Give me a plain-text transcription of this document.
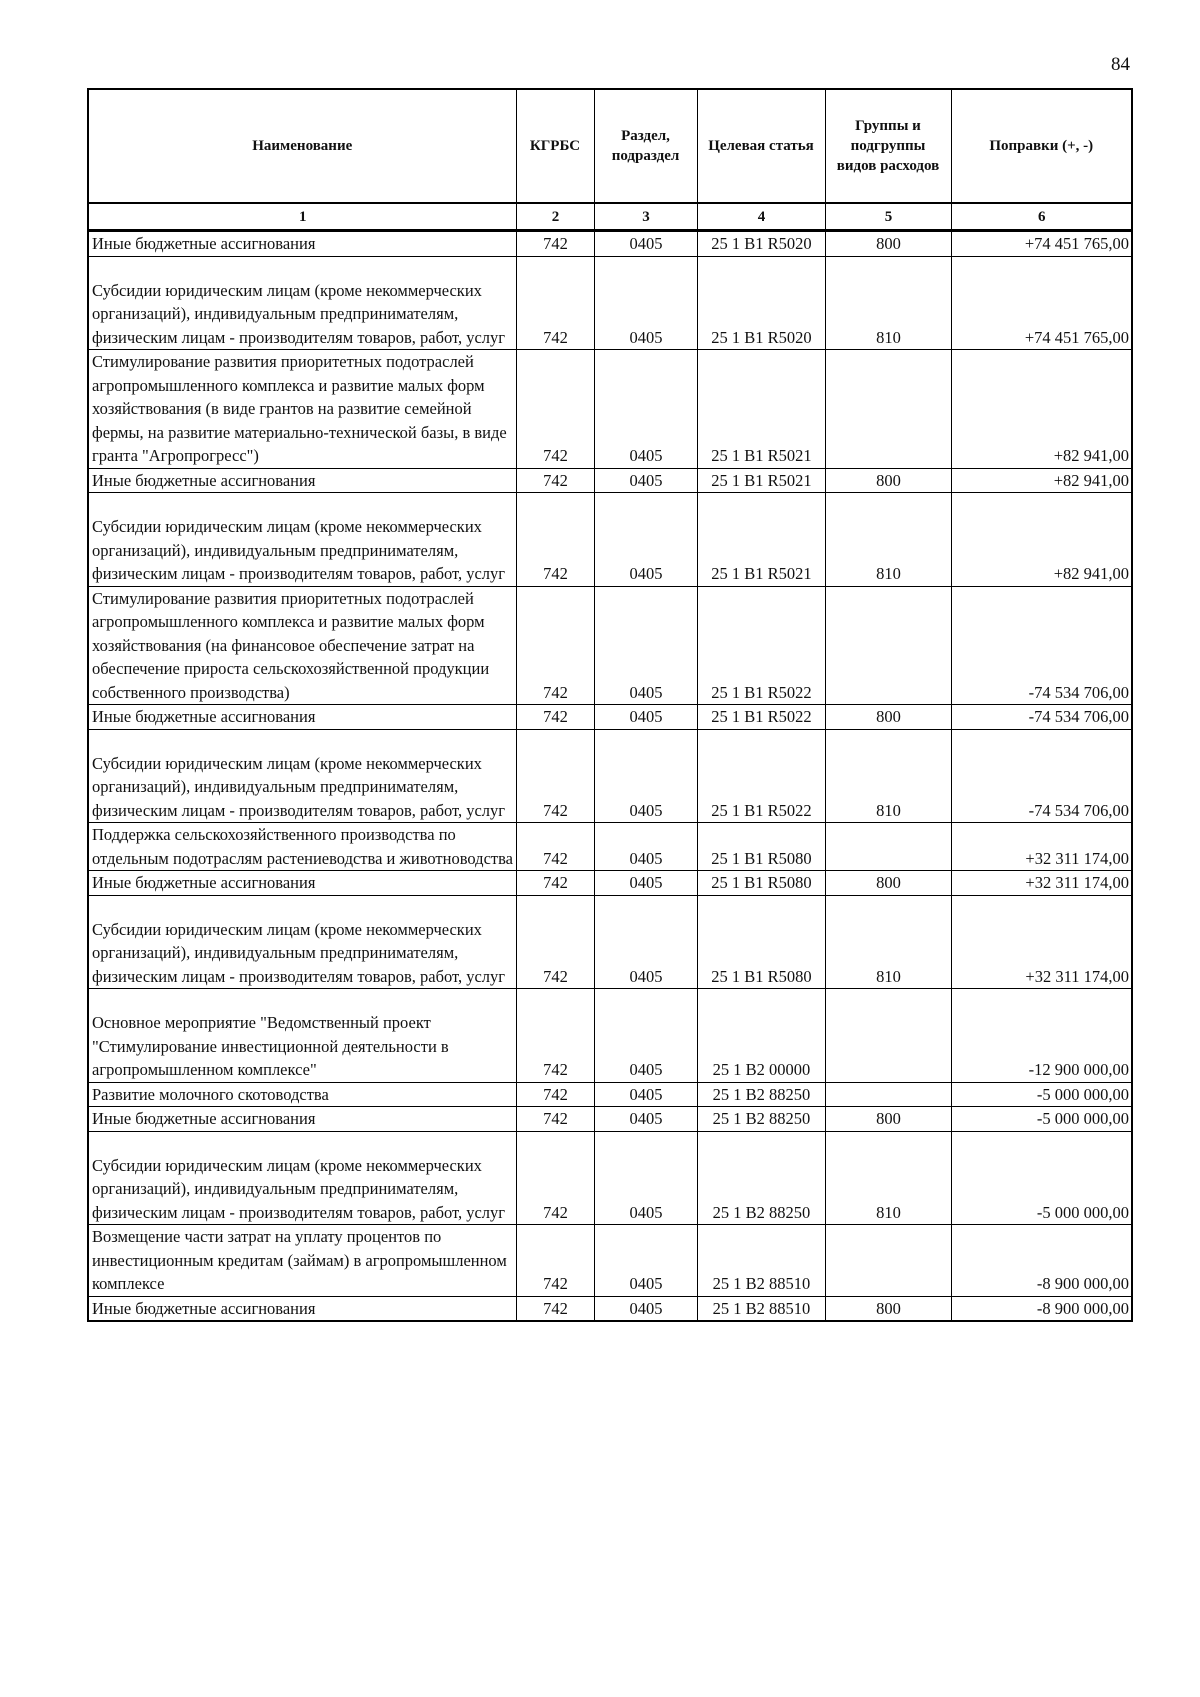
84
Наименование	КГРБС	Раздел, подраздел	Целевая статья	Группы и подгруппы видов расходов	Поправки (+, -)
1	2	3	4	5	6
Иные бюджетные ассигнования	742	0405	25 1 B1 R5020	800	+74 451 765,00
Субсидии юридическим лицам (кроме некоммерческих организаций), индивидуальным предпринимателям, физическим лицам - производителям товаров, работ, услуг	742	0405	25 1 B1 R5020	810	+74 451 765,00
Стимулирование развития приоритетных подотраслей агропромышленного комплекса и развитие малых форм хозяйствования (в виде грантов на развитие семейной фермы, на развитие материально-технической базы, в виде гранта "Агропрогресс")	742	0405	25 1 B1 R5021		+82 941,00
Иные бюджетные ассигнования	742	0405	25 1 B1 R5021	800	+82 941,00
Субсидии юридическим лицам (кроме некоммерческих организаций), индивидуальным предпринимателям, физическим лицам - производителям товаров, работ, услуг	742	0405	25 1 B1 R5021	810	+82 941,00
Стимулирование развития приоритетных подотраслей агропромышленного комплекса и развитие малых форм хозяйствования (на финансовое обеспечение затрат на обеспечение прироста сельскохозяйственной продукции собственного производства)	742	0405	25 1 B1 R5022		-74 534 706,00
Иные бюджетные ассигнования	742	0405	25 1 B1 R5022	800	-74 534 706,00
Субсидии юридическим лицам (кроме некоммерческих организаций), индивидуальным предпринимателям, физическим лицам - производителям товаров, работ, услуг	742	0405	25 1 B1 R5022	810	-74 534 706,00
Поддержка сельскохозяйственного производства по отдельным подотраслям растениеводства и животноводства	742	0405	25 1 B1 R5080		+32 311 174,00
Иные бюджетные ассигнования	742	0405	25 1 B1 R5080	800	+32 311 174,00
Субсидии юридическим лицам (кроме некоммерческих организаций), индивидуальным предпринимателям, физическим лицам - производителям товаров, работ, услуг	742	0405	25 1 B1 R5080	810	+32 311 174,00
Основное мероприятие "Ведомственный проект "Стимулирование инвестиционной деятельности в агропромышленном комплексе"	742	0405	25 1 B2 00000		-12 900 000,00
Развитие молочного скотоводства	742	0405	25 1 B2 88250		-5 000 000,00
Иные бюджетные ассигнования	742	0405	25 1 B2 88250	800	-5 000 000,00
Субсидии юридическим лицам (кроме некоммерческих организаций), индивидуальным предпринимателям, физическим лицам - производителям товаров, работ, услуг	742	0405	25 1 B2 88250	810	-5 000 000,00
Возмещение части затрат на уплату процентов по инвестиционным кредитам (займам) в агропромышленном комплексе	742	0405	25 1 B2 88510		-8 900 000,00
Иные бюджетные ассигнования	742	0405	25 1 B2 88510	800	-8 900 000,00
